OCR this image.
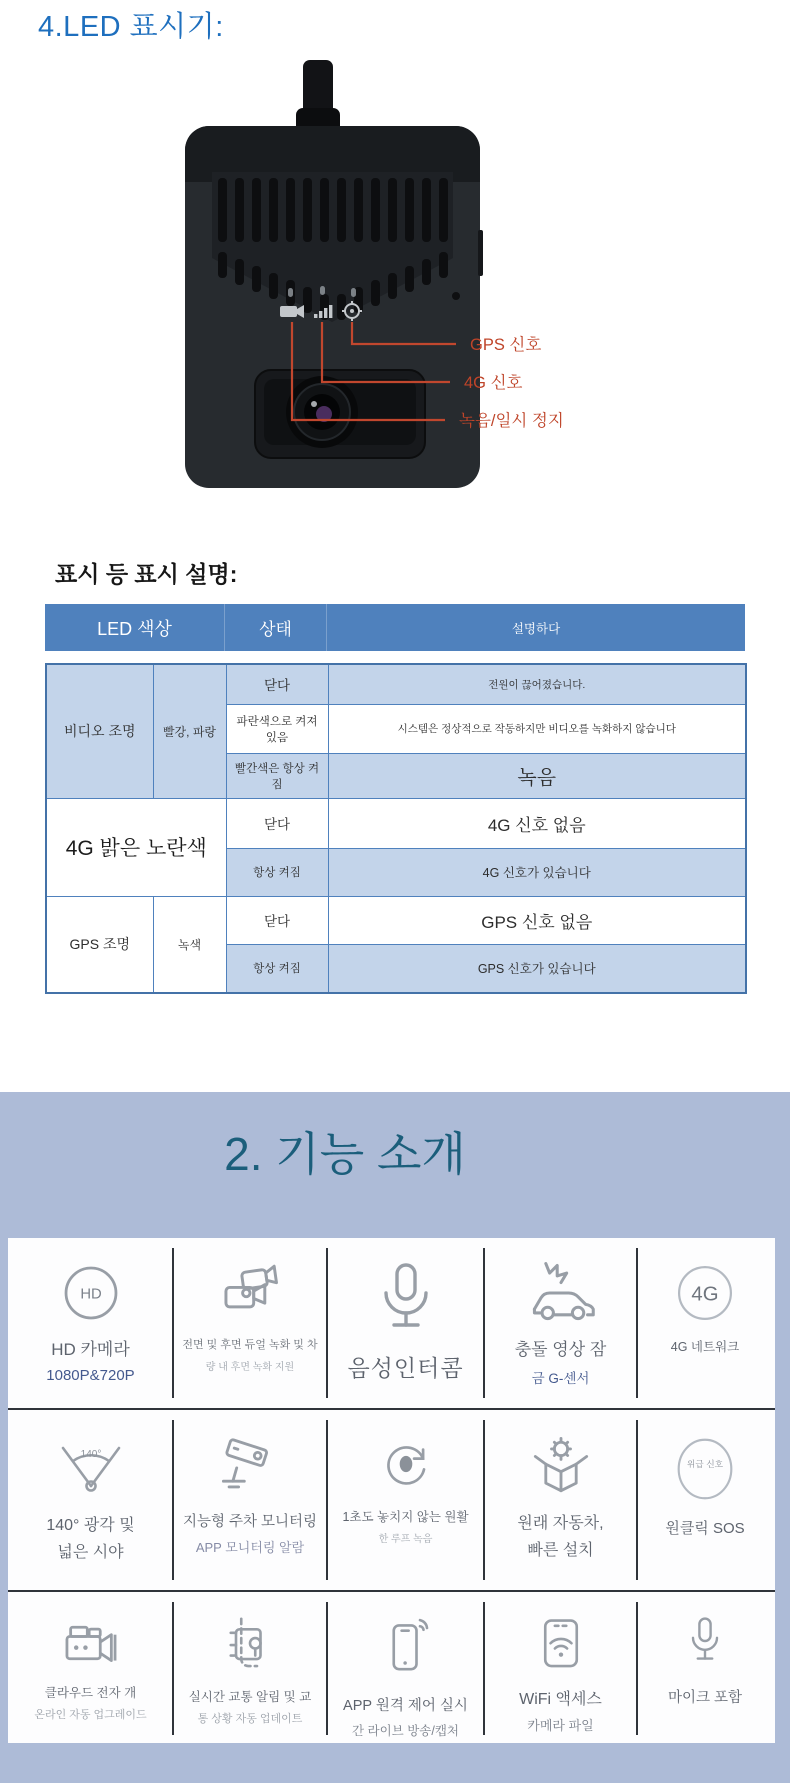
4.LED 표시기:
GPS 신호
4G 신호
녹음/일시 정지
표시 등 표시 설명:
LED 색상	상태	설명하다
비디오 조명	빨강, 파랑	닫다	전원이 끊어졌습니다.
		파란색으로 켜져 있음	시스템은 정상적으로 작동하지만 비디오를 녹화하지 않습니다
		빨간색은 항상 켜짐	녹음
4G 밝은 노란색		닫다	4G 신호 없음
		항상 켜짐	4G 신호가 있습니다
GPS 조명	녹색	닫다	GPS 신호 없음
		항상 켜짐	GPS 신호가 있습니다
2. 기능 소개
HD
HD 카메라
1080P&720P
전면 및 후면 듀얼 녹화 및 차
량 내 후면 녹화 지원 음성인터콤
충돌 영상 잠
금 G-센서
4G
4G 네트워크
140°
140° 광각 및
넓은 시야
지능형 주차 모니터링
APP 모니터링 알람
1초도 놓치지 않는 원활
한 루프 녹음
원래 자동차,
빠른 설치
위급 신호
원클릭 SOS
클라우드 전자 개
온라인 자동 업그레이드
실시간 교통 알림 및 교
통 상황 자동 업데이트
APP 원격 제어 실시
간 라이브 방송/캡처
WiFi 액세스
카메라 파일
마이크 포함
